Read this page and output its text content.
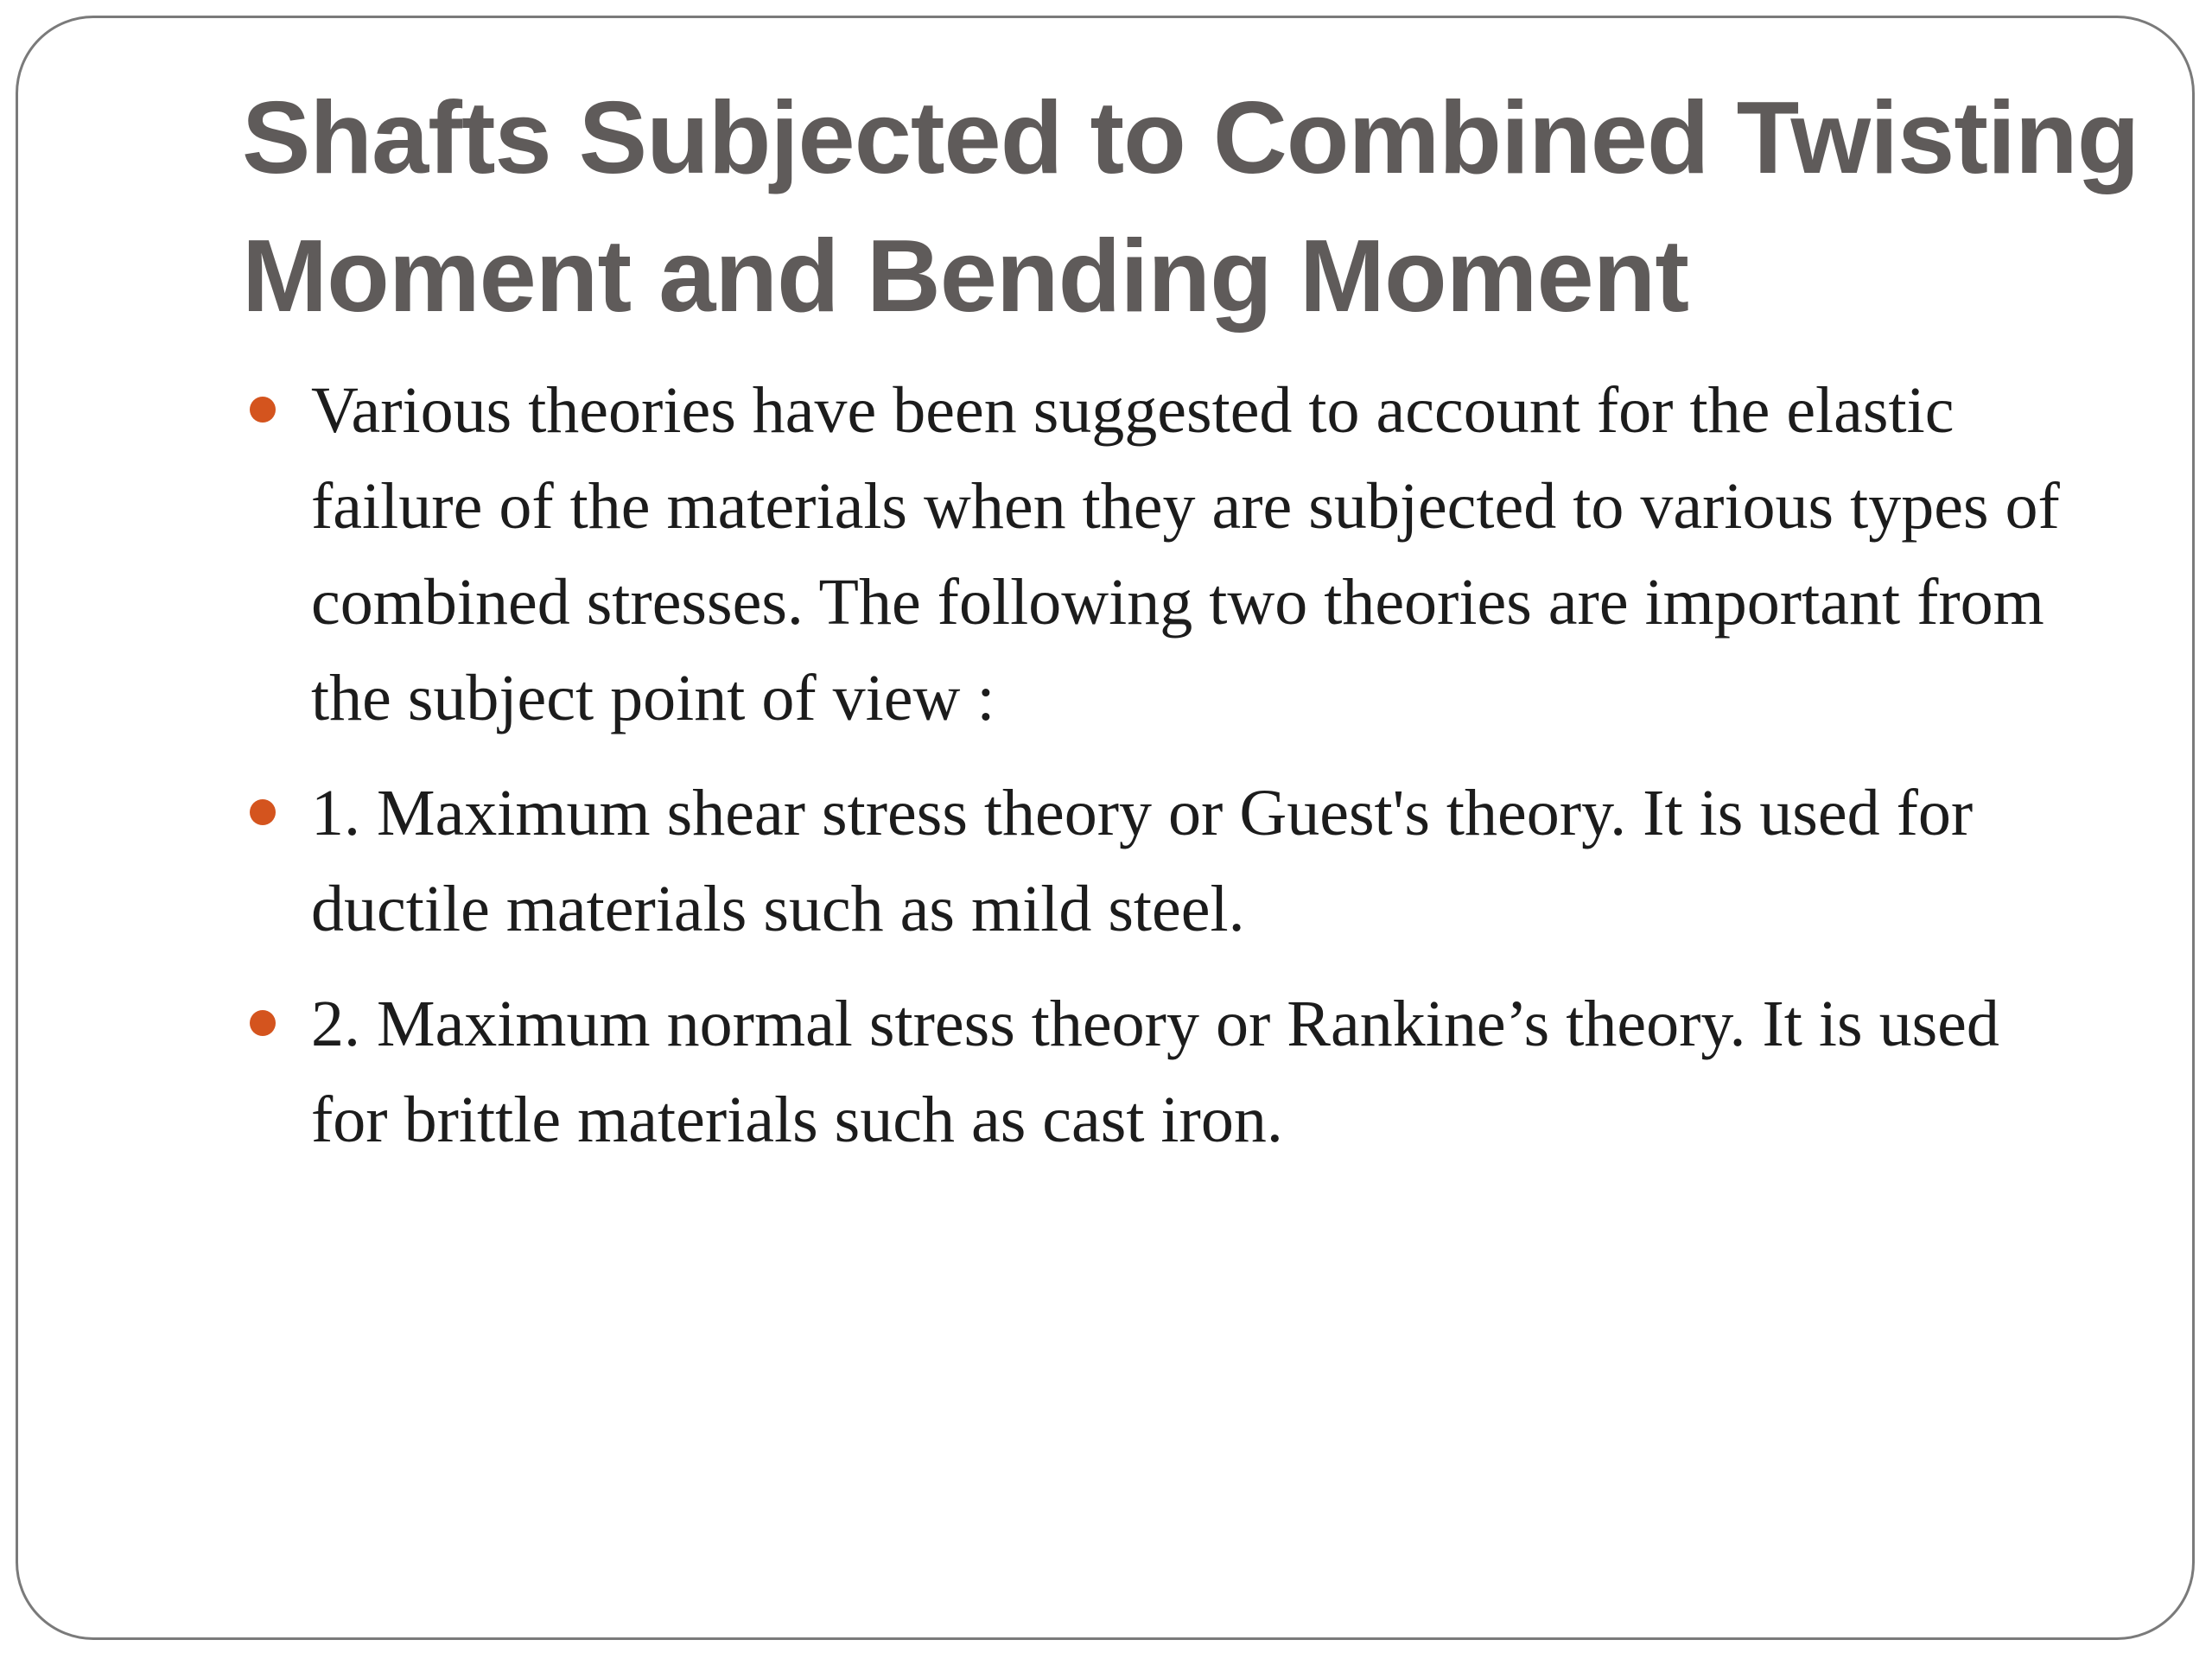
Shafts Subjected to Combined Twisting Moment and Bending Moment
Various theories have been suggested to account for the elastic failure of the materials when they are subjected to various types of combined stresses. The following two theories are important from the subject point of view :
1. Maximum shear stress theory or Guest's theory. It is used for ductile materials such as mild steel.
2. Maximum normal stress theory or Rankine’s theory. It is used for brittle materials such as cast iron.
